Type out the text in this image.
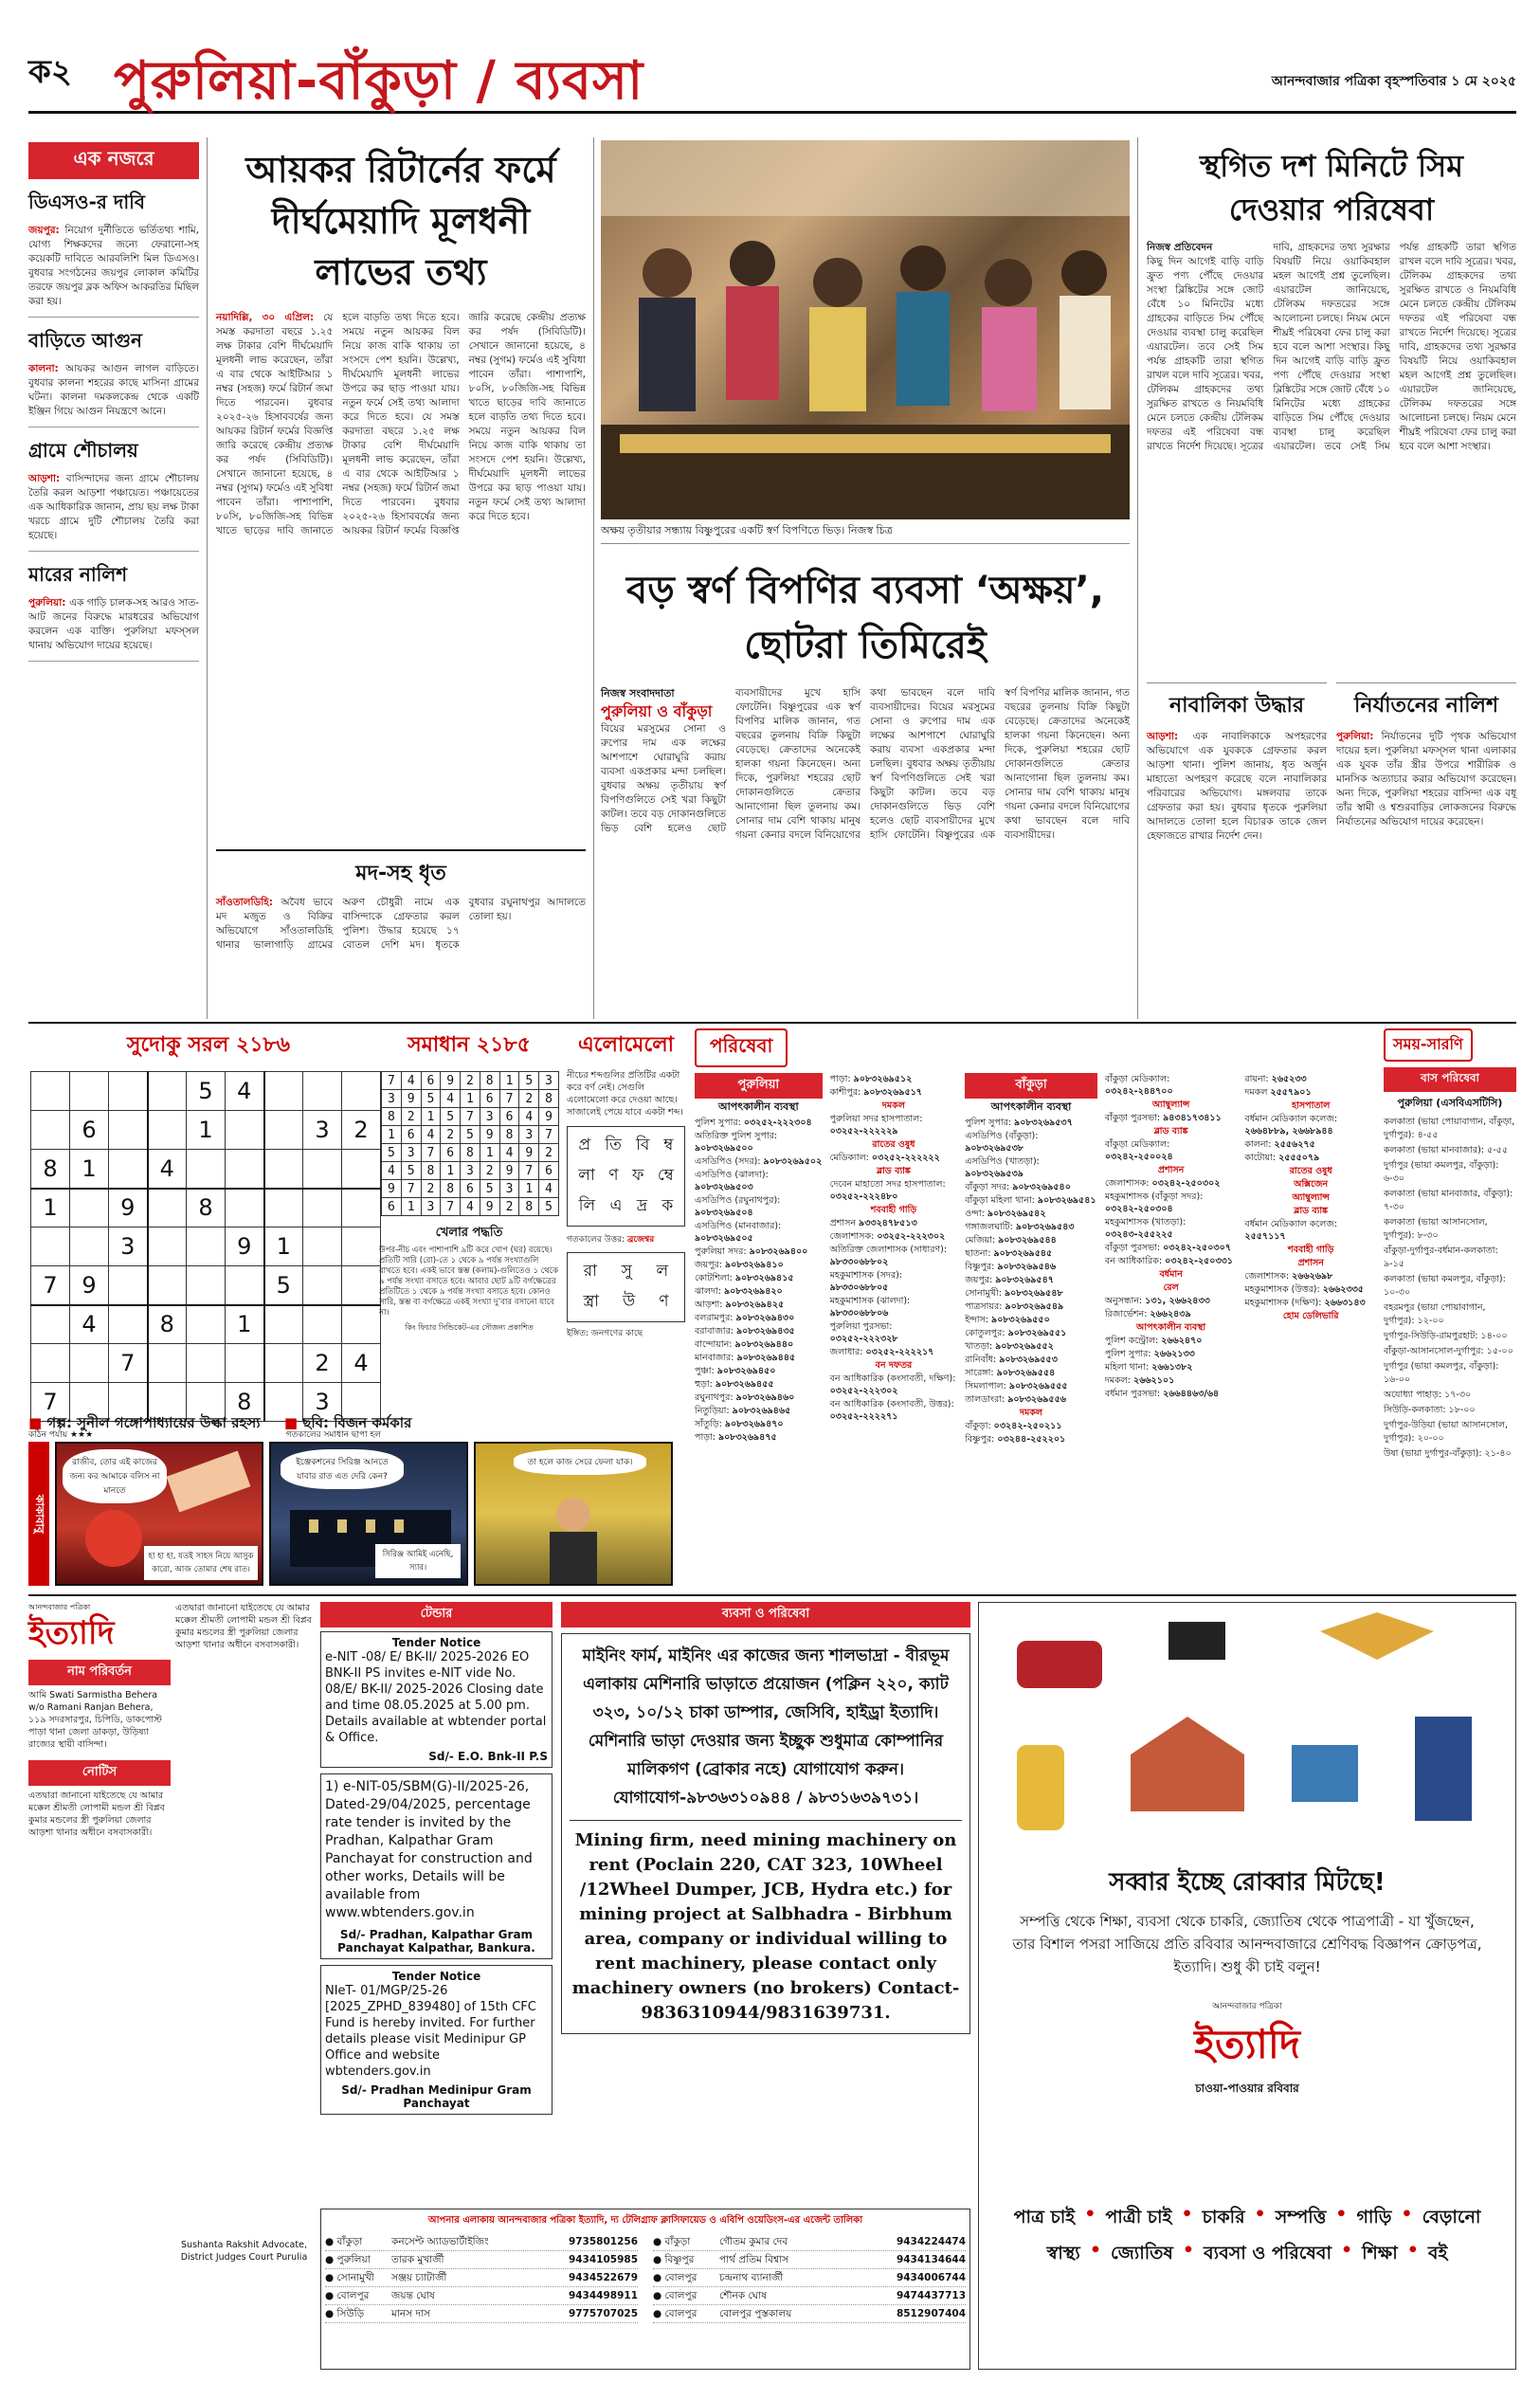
ক২ পুরুলিয়া-বাঁকুড়া / ব্যবসা	আনন্দবাজার পত্রিকা বৃহস্পতিবার ১ মে ২০২৫
এক নজরে
ডিএসও-র দাবি
জয়পুর: নিয়োগ দুর্নীতিতে ভর্তিতথ্য শামি, যোগ্য শিক্ষকদের জন্যে ফেরানো-সহ কয়েকটি দাবিতে আরবলিশি মিল ডিএসও। বুধবার সংগঠনের জয়পুর লোকাল কমিটির তরফে জয়পুর ব্লক অফিস আকরতির মিছিল করা হয়।
বাড়িতে আগুন
কালনা: আয়কর আগুন লাগল বাড়িতে। বুধবার কালনা শহরের কাছে মাসিনা গ্রামের ঘটনা। কালনা দমকলকেন্দ্র থেকে একটি ইঞ্জিন গিয়ে আগুন নিয়ন্ত্রণে আনে।
গ্রামে শৌচালয়
আড়শা: বাসিন্দাদের জন্য গ্রামে শৌচালয় তৈরি করল আড়শা পঞ্চায়েত। পঞ্চায়েতের এক আধিকারিক জানান, প্রায় ছয় লক্ষ টাকা খরচে গ্রামে দুটি শৌচালয় তৈরি করা হয়েছে।
মারের নালিশ
পুরুলিয়া: এক গাড়ি চালক-সহ আরও সাত-আট জনের বিরুদ্ধে মারধরের অভিযোগ করলেন এক ব্যক্তি। পুরুলিয়া মফস্সল থানায় অভিযোগ দায়ের হয়েছে।
আয়কর রিটার্নের ফর্মে দীর্ঘমেয়াদি মূলধনী লাভের তথ্য
নয়াদিল্লি, ৩০ এপ্রিল: যে সমস্ত করদাতা বছরে ১.২৫ লক্ষ টাকার বেশি দীর্ঘমেয়াদি মূলধনী লাভ করেছেন, তাঁরা এ বার থেকে আইটিআর ১ নম্বর (সহজ) ফর্মে রিটার্ন জমা দিতে পারবেন। বুধবার ২০২৫-২৬ হিসাববর্ষের জন্য আয়কর রিটার্ন ফর্মের বিজ্ঞপ্তি জারি করেছে কেন্দ্রীয় প্রত্যক্ষ কর পর্ষদ (সিবিডিটি)। সেখানে জানানো হয়েছে, ৪ নম্বর (সুগম) ফর্মেও এই সুবিধা পাবেন তাঁরা। পাশাপাশি, ৮০সি, ৮০জিজি-সহ বিভিন্ন খাতে ছাড়ের দাবি জানাতে হলে বাড়তি তথ্য দিতে হবে। সময়ে নতুন আয়কর বিল নিয়ে কাজ বাকি থাকায় তা সংসদে পেশ হয়নি। উল্লেখ্য, দীর্ঘমেয়াদি মূলধনী লাভের উপরে কর ছাড় পাওয়া যায়। নতুন ফর্মে সেই তথ্য আলাদা করে দিতে হবে। যে সমস্ত করদাতা বছরে ১.২৫ লক্ষ টাকার বেশি দীর্ঘমেয়াদি মূলধনী লাভ করেছেন, তাঁরা এ বার থেকে আইটিআর ১ নম্বর (সহজ) ফর্মে রিটার্ন জমা দিতে পারবেন। বুধবার ২০২৫-২৬ হিসাববর্ষের জন্য আয়কর রিটার্ন ফর্মের বিজ্ঞপ্তি জারি করেছে কেন্দ্রীয় প্রত্যক্ষ কর পর্ষদ (সিবিডিটি)। সেখানে জানানো হয়েছে, ৪ নম্বর (সুগম) ফর্মেও এই সুবিধা পাবেন তাঁরা। পাশাপাশি, ৮০সি, ৮০জিজি-সহ বিভিন্ন খাতে ছাড়ের দাবি জানাতে হলে বাড়তি তথ্য দিতে হবে। সময়ে নতুন আয়কর বিল নিয়ে কাজ বাকি থাকায় তা সংসদে পেশ হয়নি। উল্লেখ্য, দীর্ঘমেয়াদি মূলধনী লাভের উপরে কর ছাড় পাওয়া যায়। নতুন ফর্মে সেই তথ্য আলাদা করে দিতে হবে।
মদ-সহ ধৃত
সাঁওতালডিহি: অবৈধ ভাবে মদ মজুত ও বিক্রির অভিযোগে সাঁওতালডিহি থানার ভালাগাড়ি গ্রামের অরুণ চৌধুরী নামে এক বাসিন্দাকে গ্রেফতার করল পুলিশ। উদ্ধার হয়েছে ১৭ বোতল দেশি মদ। ধৃতকে বুধবার রঘুনাথপুর আদালতে তোলা হয়।
অক্ষয় তৃতীয়ার সন্ধ্যায় বিষ্ণুপুরের একটি স্বর্ণ বিপণিতে ভিড়। নিজস্ব চিত্র
বড় স্বর্ণ বিপণির ব্যবসা ‘অক্ষয়’, ছোটরা তিমিরেই
নিজস্ব সংবাদদাতা
পুরুলিয়া ও বাঁকুড়া
বিয়ের মরসুমের সোনা ও রুপোর দাম এক লক্ষের আশপাশে ঘোরাঘুরি করায় ব্যবসা একপ্রকার মন্দা চলছিল। বুধবার অক্ষয় তৃতীয়ায় স্বর্ণ বিপণিগুলিতে সেই খরা কিছুটা কাটল। তবে বড় দোকানগুলিতে ভিড় বেশি হলেও ছোট ব্যবসায়ীদের মুখে হাসি ফোটেনি। বিষ্ণুপুরের এক স্বর্ণ বিপণির মালিক জানান, গত বছরের তুলনায় বিক্রি কিছুটা বেড়েছে। ক্রেতাদের অনেকেই হালকা গয়না কিনেছেন। অন্য দিকে, পুরুলিয়া শহরের ছোট দোকানগুলিতে ক্রেতার আনাগোনা ছিল তুলনায় কম। সোনার দাম বেশি থাকায় মানুষ গয়না কেনার বদলে বিনিয়োগের কথা ভাবছেন বলে দাবি ব্যবসায়ীদের। বিয়ের মরসুমের সোনা ও রুপোর দাম এক লক্ষের আশপাশে ঘোরাঘুরি করায় ব্যবসা একপ্রকার মন্দা চলছিল। বুধবার অক্ষয় তৃতীয়ায় স্বর্ণ বিপণিগুলিতে সেই খরা কিছুটা কাটল। তবে বড় দোকানগুলিতে ভিড় বেশি হলেও ছোট ব্যবসায়ীদের মুখে হাসি ফোটেনি। বিষ্ণুপুরের এক স্বর্ণ বিপণির মালিক জানান, গত বছরের তুলনায় বিক্রি কিছুটা বেড়েছে। ক্রেতাদের অনেকেই হালকা গয়না কিনেছেন। অন্য দিকে, পুরুলিয়া শহরের ছোট দোকানগুলিতে ক্রেতার আনাগোনা ছিল তুলনায় কম। সোনার দাম বেশি থাকায় মানুষ গয়না কেনার বদলে বিনিয়োগের কথা ভাবছেন বলে দাবি ব্যবসায়ীদের।
স্থগিত দশ মিনিটে সিম দেওয়ার পরিষেবা
নিজস্ব প্রতিবেদন
কিছু দিন আগেই বাড়ি বাড়ি ফ্রুত পণ্য পৌঁছে দেওয়ার সংস্থা ব্লিঙ্কিটের সঙ্গে জোট বেঁধে ১০ মিনিটের মধ্যে গ্রাহকের বাড়িতে সিম পৌঁছে দেওয়ার ব্যবস্থা চালু করেছিল এয়ারটেল। তবে সেই সিম পর্যন্ত গ্রাহকটি তারা স্থগিত রাখল বলে দাবি সূত্রের। খবর, টেলিকম গ্রাহকদের তথ্য সুরক্ষিত রাখতে ও নিয়মবিধি মেনে চলতে কেন্দ্রীয় টেলিকম দফতর এই পরিষেবা বন্ধ রাখতে নির্দেশ দিয়েছে। সূত্রের দাবি, গ্রাহকদের তথ্য সুরক্ষার বিষয়টি নিয়ে ওয়াকিবহাল মহল আগেই প্রশ্ন তুলেছিল। এয়ারটেল জানিয়েছে, টেলিকম দফতরের সঙ্গে আলোচনা চলছে। নিয়ম মেনে শীঘ্রই পরিষেবা ফের চালু করা হবে বলে আশা সংস্থার। কিছু দিন আগেই বাড়ি বাড়ি ফ্রুত পণ্য পৌঁছে দেওয়ার সংস্থা ব্লিঙ্কিটের সঙ্গে জোট বেঁধে ১০ মিনিটের মধ্যে গ্রাহকের বাড়িতে সিম পৌঁছে দেওয়ার ব্যবস্থা চালু করেছিল এয়ারটেল। তবে সেই সিম পর্যন্ত গ্রাহকটি তারা স্থগিত রাখল বলে দাবি সূত্রের। খবর, টেলিকম গ্রাহকদের তথ্য সুরক্ষিত রাখতে ও নিয়মবিধি মেনে চলতে কেন্দ্রীয় টেলিকম দফতর এই পরিষেবা বন্ধ রাখতে নির্দেশ দিয়েছে। সূত্রের দাবি, গ্রাহকদের তথ্য সুরক্ষার বিষয়টি নিয়ে ওয়াকিবহাল মহল আগেই প্রশ্ন তুলেছিল। এয়ারটেল জানিয়েছে, টেলিকম দফতরের সঙ্গে আলোচনা চলছে। নিয়ম মেনে শীঘ্রই পরিষেবা ফের চালু করা হবে বলে আশা সংস্থার।
নাবালিকা উদ্ধার
আড়শা: এক নাবালিকাকে অপহরণের অভিযোগে এক যুবককে গ্রেফতার করল আড়শা থানা। পুলিশ জানায়, ধৃত অর্জুন মাহাতো অপহরণ করেছে বলে নাবালিকার পরিবারের অভিযোগ। মঙ্গলবার তাকে গ্রেফতার করা হয়। বুধবার ধৃতকে পুরুলিয়া আদালতে তোলা হলে বিচারক তাকে জেল হেফাজতে রাখার নির্দেশ দেন।
নির্যাতনের নালিশ
পুরুলিয়া: নির্যাতনের দুটি পৃথক অভিযোগ দায়ের হল। পুরুলিয়া মফস্সল থানা এলাকার এক যুবক তাঁর স্ত্রীর উপরে শারীরিক ও মানসিক অত্যাচার করার অভিযোগ করেছেন। অন্য দিকে, পুরুলিয়া শহরের বাসিন্দা এক বধূ তাঁর স্বামী ও শ্বশুরবাড়ির লোকজনের বিরুদ্ধে নির্যাতনের অভিযোগ দায়ের করেছেন।
সুদোকু সরল ২১৮৬
				5	4			
	6			1			3	2
8	1		4					
1		9		8				
		3			9	1		
7	9					5		
	4		8		1			
		7					2	4
7					8		3	
কঠিন পর্যায় ★★★	গতকালের সমাধান ছাপা হল
সমাধান ২১৮৫
7	4	6	9	2	8	1	5	3
3	9	5	4	1	6	7	2	8
8	2	1	5	7	3	6	4	9
1	6	4	2	5	9	8	3	7
5	3	7	6	8	1	4	9	2
4	5	8	1	3	2	9	7	6
9	7	2	8	6	5	3	1	4
6	1	3	7	4	9	2	8	5
খেলার পদ্ধতি
উপর-নীচ এবং পাশাপাশি ৯টি করে খোপ (ঘর) রয়েছে। প্রতিটি সারি (রো)-তে ১ থেকে ৯ পর্যন্ত সংখ্যাগুলি রাখতে হবে। একই ভাবে স্তম্ভ (কলাম)-গুলিতেও ১ থেকে ৯ পর্যন্ত সংখ্যা বসাতে হবে। আবার ছোট ৯টি বর্গক্ষেত্রের প্রতিটিতে ১ থেকে ৯ পর্যন্ত সংখ্যা বসাতে হবে। কোনও সারি, স্তম্ভ বা বর্গক্ষেত্রে একই সংখ্যা দু’বার বসানো যাবে না।
কিং ফিচার সিন্ডিকেট-এর সৌজন্য প্রকাশিত
এলোমেলো
নীচের শব্দগুলির প্রতিটির একটা করে বর্ণ নেই। সেগুলি এলোমেলো করে দেওয়া আছে। সাজালেই পেয়ে যাবে একটা শব্দ।
প্র তি বি ম্ব
লা ণ ফ ম্বে
লি এ দ্র ক
গতকালের উত্তর: ব্রজেশ্বর
রা সু ল
স্ত্রা উ ণ
ইঙ্গিত: জনগণের কাছে
পরিষেবা
পুরুলিয়া
আপৎকালীন ব্যবস্থা
পুলিশ সুপার: ০৩২৫২-২২২৩০৪
অতিরিক্ত পুলিশ সুপার: ৯০৮৩২৬৯৫০০
এসডিপিও (সদর): ৯০৮৩২৬৯৫০২
এসডিপিও (ঝালদা): ৯০৮৩২৬৯৫০৩
এসডিপিও (রঘুনাথপুর): ৯০৮৩২৬৯৫০৪
এসডিপিও (মানবাজার): ৯০৮৩২৬৯৫০৫
পুরুলিয়া সদর: ৯০৮৩২৬৯৪০০
জয়পুর: ৯০৮৩২৬৯৪১০
কোটশিলা: ৯০৮৩২৬৯৪১৫
ঝালদা: ৯০৮৩২৬৯৪২০
আড়শা: ৯০৮৩২৬৯৪২৫
বলরামপুর: ৯০৮৩২৬৯৪৩০
বরাবাজার: ৯০৮৩২৬৯৪৩৫
বান্দোয়ান: ৯০৮৩২৬৯৪৪০
মানবাজার: ৯০৮৩২৬৯৪৪৫
পুঞ্চা: ৯০৮৩২৬৯৪৫০
হুড়া: ৯০৮৩২৬৯৪৫৫
রঘুনাথপুর: ৯০৮৩২৬৯৪৬০
নিতুড়িয়া: ৯০৮৩২৬৯৪৬৫
সাঁতুড়ি: ৯০৮৩২৬৯৪৭০
পাড়া: ৯০৮৩২৬৯৪৭৫
পাড়া: ৯০৮৩২৬৯৫১২
কাশীপুর: ৯০৮৩২৬৯৫১৭
দমকল
পুরুলিয়া সদর হাসপাতাল: ০৩২৫২-২২২২২৯
রাতের ওষুধ
মেডিক্যাল: ০৩২৫২-২২২২২২
ব্লাড ব্যাঙ্ক
দেবেন মাহাতো সদর হাসপাতাল: ০৩২৫২-২২২৪৮০
শববাহী গাড়ি
প্রশাসন ৯৩৩২৪৭৮৫১৩
জেলাশাসক: ০৩২৫২-২২২৩০২
অতিরিক্ত জেলাশাসক (সাধারণ): ৯৮৩৩০৬৮৮০২
মহকুমাশাসক (সদর): ৯৮৩৩০৬৮৮০৫
মহকুমাশাসক (ঝালদা): ৯৮৩৩০৬৮৮০৬
পুরুলিয়া পুরসভা: ০৩২৫২-২২২৩২৮
জলাধার: ০৩২৫২-২২২২১৭
বন দফতর
বন আধিকারিক (কংসাবতী, দক্ষিণ): ০৩২৫২-২২২৩০২
বন আধিকারিক (কংসাবতী, উত্তর): ০৩২৫২-২২২২৭১
বাঁকুড়া
আপৎকালীন ব্যবস্থা
পুলিশ সুপার: ৯০৮৩২৬৯৫৩৭
এসডিপিও (বাঁকুড়া): ৯০৮৩২৬৯৫৩৮
এসডিপিও (খাতড়া): ৯০৮৩২৬৯৫৩৯
বাঁকুড়া সদর: ৯০৮৩২৬৯৫৪০
বাঁকুড়া মহিলা থানা: ৯০৮৩২৬৯৫৪১
ওন্দা: ৯০৮৩২৬৯৫৪২
গঙ্গাজলঘাটি: ৯০৮৩২৬৯৫৪৩
মেজিয়া: ৯০৮৩২৬৯৫৪৪
ছাতনা: ৯০৮৩২৬৯৫৪৫
বিষ্ণুপুর: ৯০৮৩২৬৯৫৪৬
জয়পুর: ৯০৮৩২৬৯৫৪৭
সোনামুখী: ৯০৮৩২৬৯৫৪৮
পাত্রসায়র: ৯০৮৩২৬৯৫৪৯
ইন্দাস: ৯০৮৩২৬৯৫৫০
কোতুলপুর: ৯০৮৩২৬৯৫৫১
খাতড়া: ৯০৮৩২৬৯৫৫২
রানিবাঁধ: ৯০৮৩২৬৯৫৫৩
সারেঙ্গা: ৯০৮৩২৬৯৫৫৪
সিমলাপাল: ৯০৮৩২৬৯৫৫৫
তালডাংরা: ৯০৮৩২৬৯৫৫৬
দমকল
বাঁকুড়া: ০৩২৪২-২৫০২১১
বিষ্ণুপুর: ০৩২৪৪-২৫২২০১
বাঁকুড়া মেডিক্যাল: ০৩২৪২-২৪৪৭০০
অ্যাম্বুল্যান্স
বাঁকুড়া পুরসভা: ৯৪৩৪১৭৩৪১১
ব্লাড ব্যাঙ্ক
বাঁকুড়া মেডিক্যাল: ০৩২৪২-২৫০০২৪
প্রশাসন
জেলাশাসক: ০৩২৪২-২৫০৩০২
মহকুমাশাসক (বাঁকুড়া সদর): ০৩২৪২-২৫০৩০৪
মহকুমাশাসক (খাতড়া): ০৩২৪৩-২৫৫২২৫
বাঁকুড়া পুরসভা: ০৩২৪২-২৫০৩০৭
বন আধিকারিক: ০৩২৪২-২৫০৩৩১
বর্ধমান
রেল
অনুসন্ধান: ১৩১, ২৬৬২৪৩৩
রিজার্ভেশন: ২৬৬২৪৩৯
আপৎকালীন ব্যবস্থা
পুলিশ কন্ট্রোল: ২৬৬২৪৭০
পুলিশ সুপার: ২৬৬২১৩৩
মহিলা থানা: ২৬৬১৩৮২
দমকল: ২৬৬২১০১
বর্ধমান পুরসভা: ২৬৬৪৪৬৩/৬৪
রায়না: ২৬৫২৩৩
দমকল ২৫৫৭৯০১
হাসপাতাল
বর্ধমান মেডিক্যাল কলেজ: ২৬৬৪৮৮৯, ২৬৬৮৯৪৪
কালনা: ২৫৫৬২৭৫
কাটোয়া: ২৫৫৫০৭৯
রাতের ওষুধ
অক্সিজেন
অ্যাম্বুল্যান্স
ব্লাড ব্যাঙ্ক
বর্ধমান মেডিক্যাল কলেজ: ২৫৫৭১১৭
শববাহী গাড়ি
প্রশাসন
জেলাশাসক: ২৬৬২৬৯৮
মহকুমাশাসক (উত্তর): ২৬৬২৩৩৫
মহকুমাশাসক (দক্ষিণ): ২৬৬৩১৪৩
হোম ডেলিভারি
সময়-সারণি
বাস পরিষেবা
পুরুলিয়া (এসবিএসটিসি)
কলকাতা (ভায়া পোয়াবাগান, বাঁকুড়া, দুর্গাপুর): ৪-৫৫
কলকাতা (ভায়া মানবাজার): ৫-৫৫
দুর্গাপুর (ভায়া কমলপুর, বাঁকুড়া): ৬-৩০
কলকাতা (ভায়া মানবাজার, বাঁকুড়া): ৭-৩০
কলকাতা (ভায়া আসানসোল, দুর্গাপুর): ৮-৩০
বাঁকুড়া-দুর্গাপুর-বর্ধমান-কলকাতা: ৯-১৫
কলকাতা (ভায়া কমলপুর, বাঁকুড়া): ১০-৩০
বহরমপুর (ভায়া পোয়াবাগান, দুর্গাপুর): ১২-০০
দুর্গাপুর-সিউড়ি-রামপুরহাট: ১৪-০০
বাঁকুড়া-আসানসোল-দুর্গাপুর: ১৫-০০
দুর্গাপুর (ভায়া কমলপুর, বাঁকুড়া): ১৬-০০
অযোধ্যা পাহাড়: ১৭-৩০
সিউড়ি-কলকাতা: ১৮-০০
দুর্গাপুর-উড়িয়া (ভায়া আসানসোল, দুর্গাপুর): ২০-০০
উষা (ভায়া দুর্গাপুর-বাঁকুড়া): ২১-৪০
■ গল্প: সুনীল গঙ্গোপাধ্যায়ের উল্কা রহস্য ■ ছবি: বিজন কর্মকার
কাকাবাবু
রাজীব, তোর এই কাজের জন্য কর আমাকে বলিস না মানতে
হা হা হা, যত‌ই সাহস নিয়ে আসুক কারো, আজ তোমার শেষ রাত।
ইঞ্জেকশনের সিরিঞ্জ আনতে যাবার রাত এত দেরি কেন?
সিরিঞ্জ আমিই এনেছি, স্যার।
তা হলে কাজ সেরে ফেলা যাক।
আনন্দবাজার পত্রিকা
ইত্যাদি
নাম পরিবর্তন
আমি Swati Sarmistha Behera w/o Ramani Ranjan Behera, ১১৯ সদরসারপুর, চিপিডি, ডাকপোস্ট পাড়া থানা জেলা ডাকড়া, উড়িষ্যা রাজ্যের স্থায়ী বাসিন্দা।
নোটিস
এতদ্বারা জানানো যাইতেছে যে আমার মক্কেল শ্রীমতী লোপামী মন্ডল শ্রী বিপ্লব কুমার মন্ডলের স্ত্রী পুরুলিয়া জেলার আড়শা থানার অধীনে বসবাসকারী।
এতদ্বারা জানানো যাইতেছে যে আমার মক্কেল শ্রীমতী লোপামী মন্ডল শ্রী বিপ্লব কুমার মন্ডলের স্ত্রী পুরুলিয়া জেলার আড়শা থানার অধীনে বসবাসকারী।
Sushanta Rakshit Advocate, District Judges Court Purulia
টেন্ডার
Tender Notice
e-NIT -08/ E/ BK-II/ 2025-2026 EO BNK-II PS invites e-NIT vide No. 08/E/ BK-II/ 2025-2026 Closing date and time 08.05.2025 at 5.00 pm. Details available at wbtender portal & Office.
Sd/- E.O. Bnk-II P.S
1) e-NIT-05/SBM(G)-II/2025-26, Dated-29/04/2025, percentage rate tender is invited by the Pradhan, Kalpathar Gram Panchayat for construction and other works, Details will be available from www.wbtenders.gov.in
Sd/- Pradhan, Kalpathar Gram Panchayat Kalpathar, Bankura.
Tender Notice
NIeT- 01/MGP/25-26 [2025_ZPHD_839480] of 15th CFC Fund is hereby invited. For further details please visit Medinipur GP Office and website wbtenders.gov.in
Sd/- Pradhan Medinipur Gram Panchayat
ব্যবসা ও পরিষেবা
মাইনিং ফার্ম, মাইনিং এর কাজের জন্য শালভাদ্রা - বীরভূম এলাকায় মেশিনারি ভাড়াতে প্রয়োজন (পক্লিন ২২০, ক্যাট ৩২৩, ১০/১২ চাকা ডাম্পার, জেসিবি, হাইড্রা ইত্যাদি। মেশিনারি ভাড়া দেওয়ার জন্য ইচ্ছুক শুধুমাত্র কোম্পানির মালিকগণ (ব্রোকার নহে) যোগাযোগ করুন। যোগাযোগ-৯৮৩৬৩১০৯৪৪ / ৯৮৩১৬৩৯৭৩১।
Mining firm, need mining machinery on rent (Poclain 220, CAT 323, 10Wheel /12Wheel Dumper, JCB, Hydra etc.) for mining project at Salbhadra - Birbhum area, company or individual willing to rent machinery, please contact only machinery owners (no brokers) Contact- 9836310944/9831639731.
আপনার এলাকায় আনন্দবাজার পত্রিকা ইত্যাদি, দ্য টেলিগ্রাফ ক্লাসিফায়েড ও এবিপি ওয়েডিংস-এর এজেন্ট তালিকা
● বাঁকুড়া	কনসেপ্ট অ্যাডভার্টাইজিং	9735801256 ● বাঁকুড়া	গৌতম কুমার দেব	9434224474
● পুরুলিয়া	তারক মুখার্জী	9434105985 ● বিষ্ণুপুর	পার্থ প্রতিম বিশ্বাস	9434134644
● সোনামুখী	সঞ্জয় চ্যাটার্জী	9434522679 ● বোলপুর	চন্দ্রনাথ ব্যানার্জী	9434006744
● বোলপুর	জয়ন্ত ঘোষ	9434498911 ● বোলপুর	শৌনক ঘোষ	9474437713
● সিউড়ি	মানস দাস	9775707025 ● বোলপুর	বোলপুর পুস্তকালয়	8512907404
সব্বার ইচ্ছে রোব্বার মিটছে!
সম্পত্তি থেকে শিক্ষা, ব্যবসা থেকে চাকরি, জ্যোতিষ থেকে পাত্রপাত্রী - যা খুঁজছেন, তার বিশাল পসরা সাজিয়ে প্রতি রবিবার আনন্দবাজারে শ্রেণিবদ্ধ বিজ্ঞাপন ক্রোড়পত্র, ইত্যাদি। শুধু কী চাই বলুন!
আনন্দবাজার পত্রিকা
ইত্যাদি
চাওয়া-পাওয়ার রবিবার
পাত্র চাই • পাত্রী চাই • চাকরি • সম্পত্তি • গাড়ি • বেড়ানো
স্বাস্থ্য • জ্যোতিষ • ব্যবসা ও পরিষেবা • শিক্ষা • বই
